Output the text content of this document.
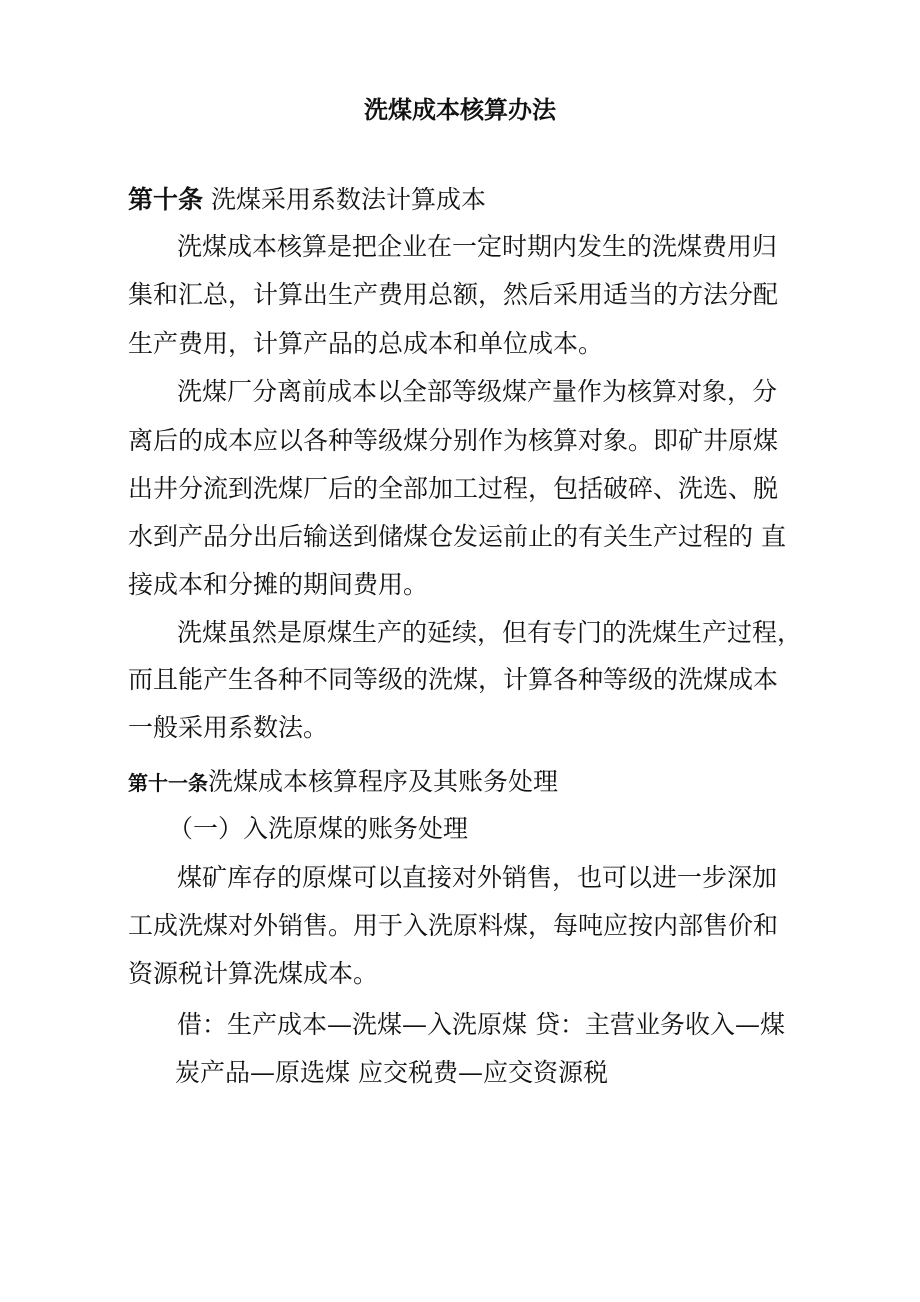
洗煤成本核算办法
第十条 洗煤采用系数法计算成本
洗煤成本核算是把企业在一定时期内发生的洗煤费用归
集和汇总，计算出生产费用总额，然后采用适当的方法分配
生产费用，计算产品的总成本和单位成本。
洗煤厂分离前成本以全部等级煤产量作为核算对象，分
离后的成本应以各种等级煤分别作为核算对象。即矿井原煤
出井分流到洗煤厂后的全部加工过程，包括破碎、洗选、脱
水到产品分出后输送到储煤仓发运前止的有关生产过程的 直
接成本和分摊的期间费用。
洗煤虽然是原煤生产的延续，但有专门的洗煤生产过程，
而且能产生各种不同等级的洗煤，计算各种等级的洗煤成本
一般采用系数法。
第十一条洗煤成本核算程序及其账务处理
（一）入洗原煤的账务处理
煤矿库存的原煤可以直接对外销售，也可以进一步深加
工成洗煤对外销售。用于入洗原料煤，每吨应按内部售价和
资源税计算洗煤成本。
借：生产成本—洗煤—入洗原煤 贷：主营业务收入—煤
炭产品—原选煤 应交税费—应交资源税
